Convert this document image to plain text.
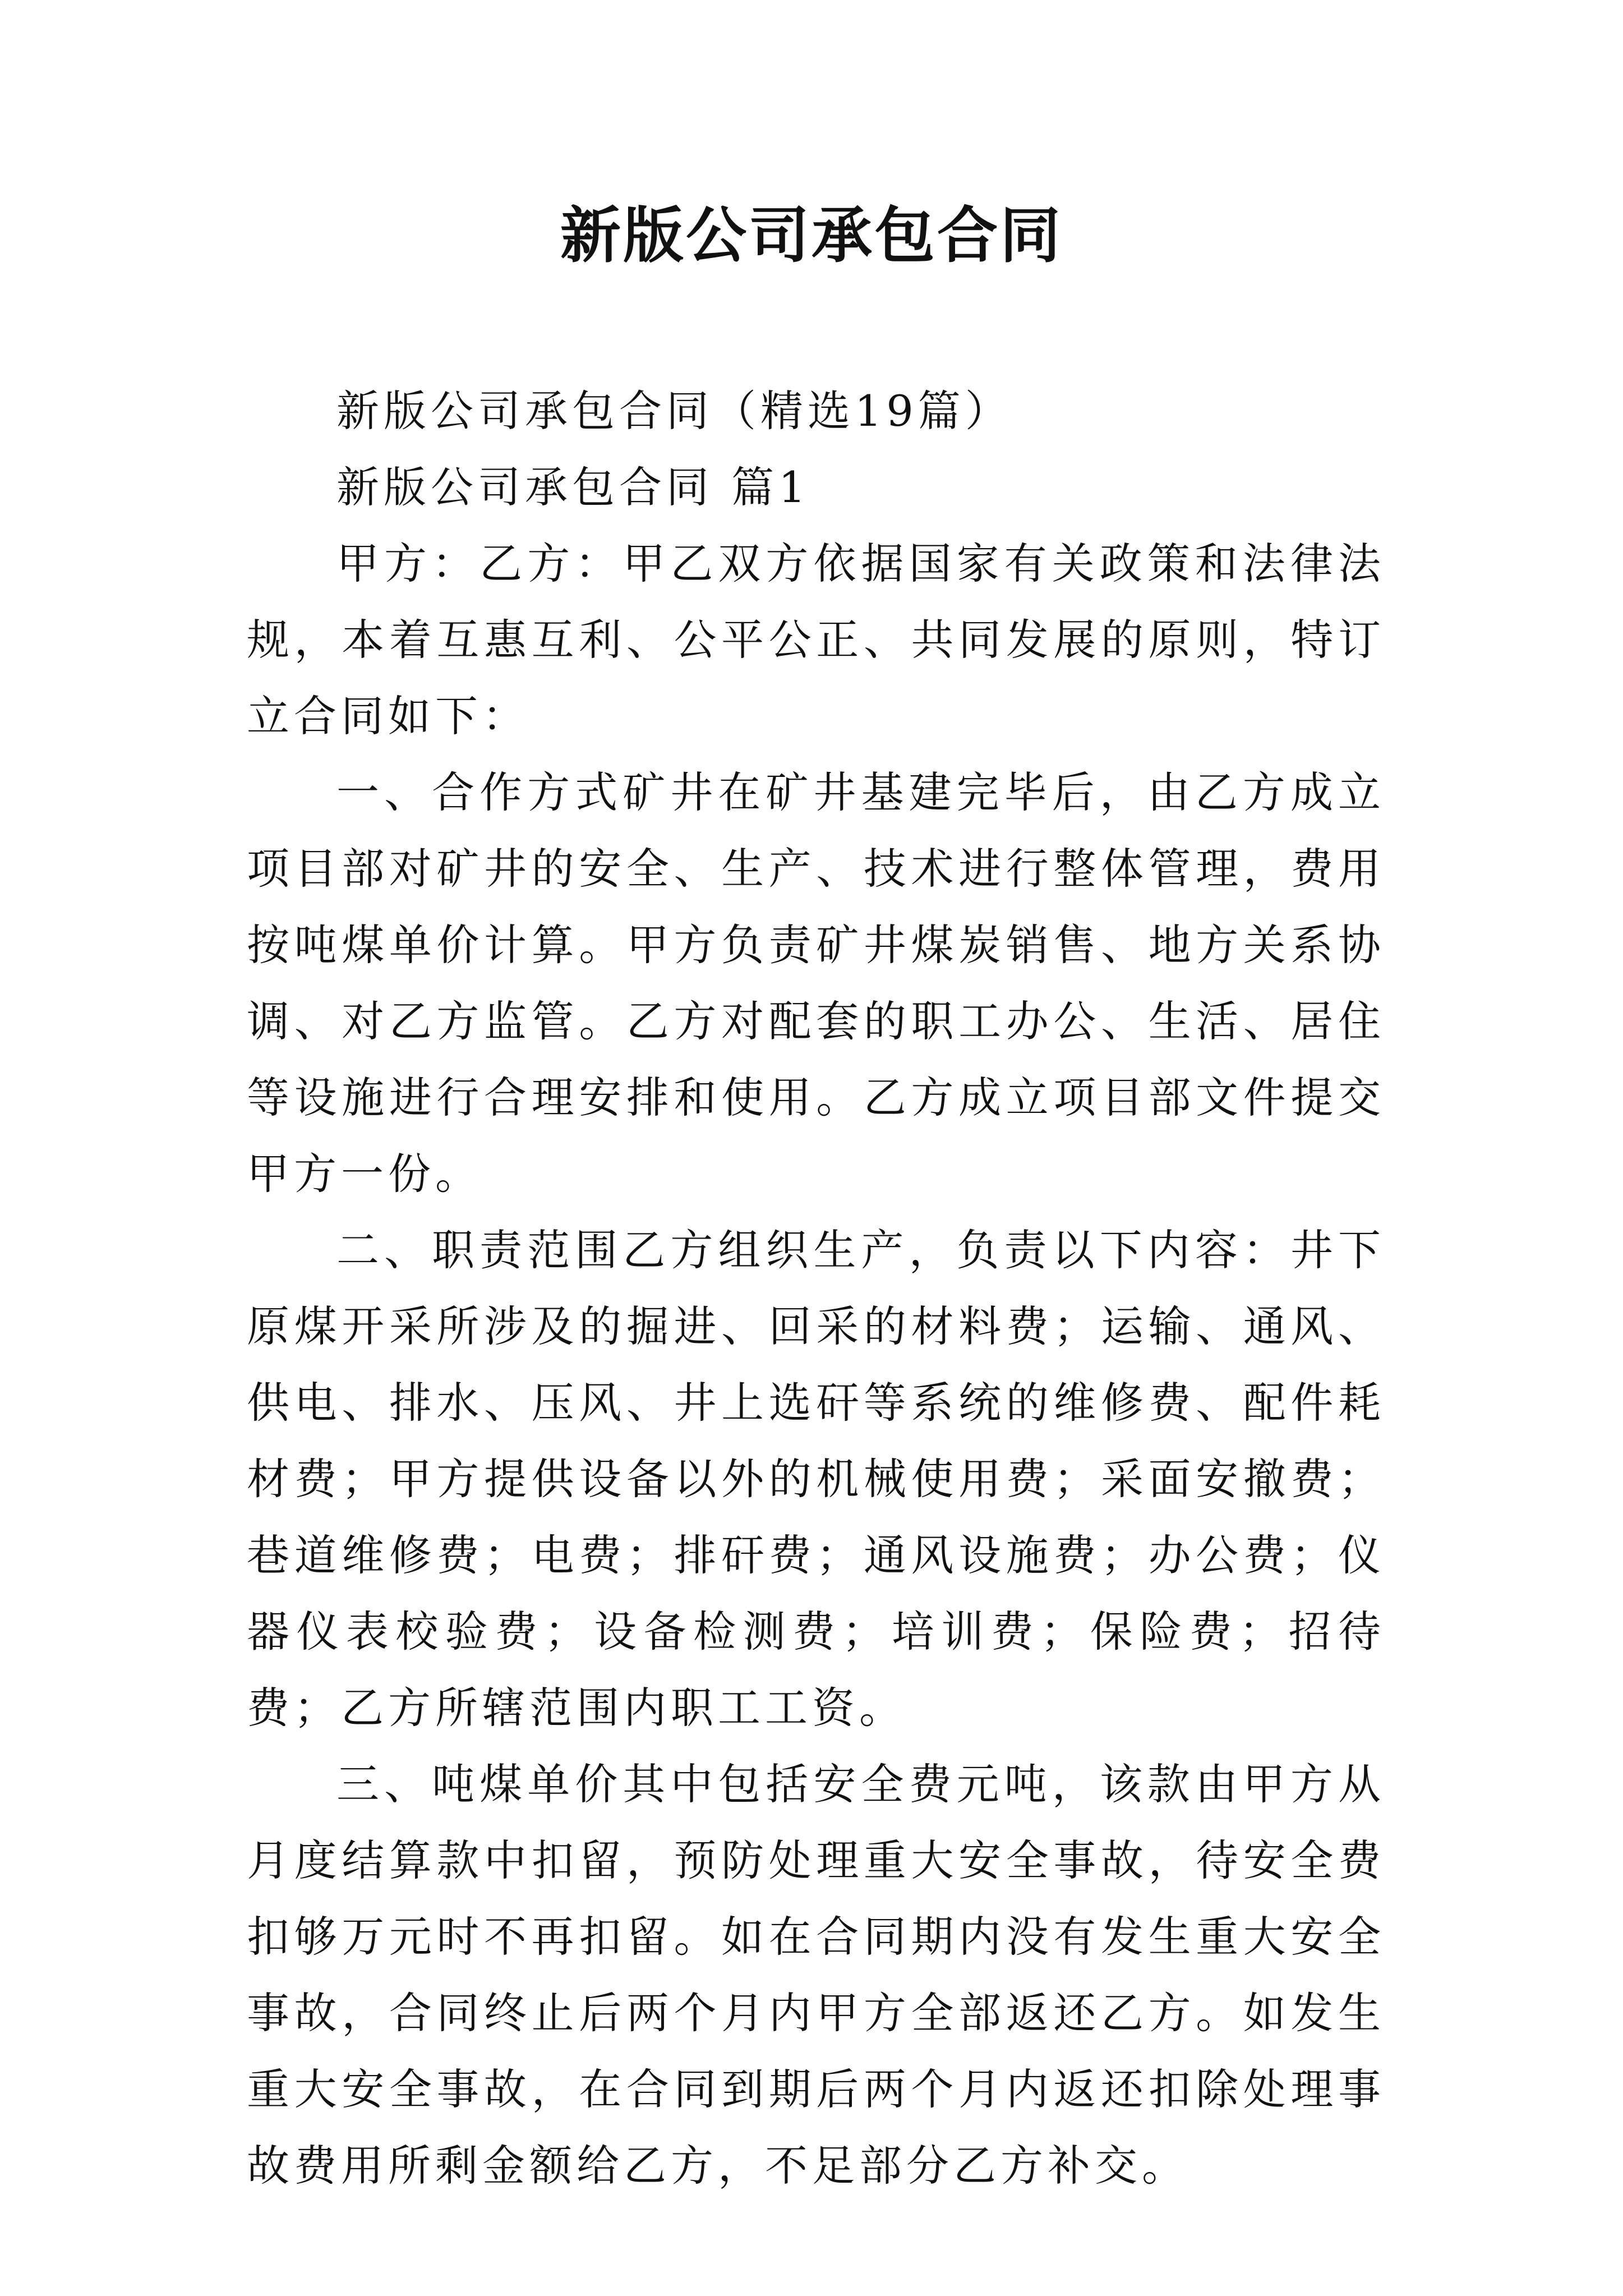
新版公司承包合同

新版公司承包合同（精选19篇）

新版公司承包合同 篇1

甲方：乙方：甲乙双方依据国家有关政策和法律法规，本着互惠互利、公平公正、共同发展的原则，特订立合同如下：

一、合作方式矿井在矿井基建完毕后，由乙方成立项目部对矿井的安全、生产、技术进行整体管理，费用按吨煤单价计算。甲方负责矿井煤炭销售、地方关系协调、对乙方监管。乙方对配套的职工办公、生活、居住等设施进行合理安排和使用。乙方成立项目部文件提交甲方一份。

二、职责范围乙方组织生产，负责以下内容：井下原煤开采所涉及的掘进、回采的材料费；运输、通风、供电、排水、压风、井上选矸等系统的维修费、配件耗材费；甲方提供设备以外的机械使用费；采面安撤费；巷道维修费；电费；排矸费；通风设施费；办公费；仪器仪表校验费；设备检测费；培训费；保险费；招待费；乙方所辖范围内职工工资。

三、吨煤单价其中包括安全费元吨，该款由甲方从月度结算款中扣留，预防处理重大安全事故，待安全费扣够万元时不再扣留。如在合同期内没有发生重大安全事故，合同终止后两个月内甲方全部返还乙方。如发生重大安全事故，在合同到期后两个月内返还扣除处理事故费用所剩金额给乙方，不足部分乙方补交。
